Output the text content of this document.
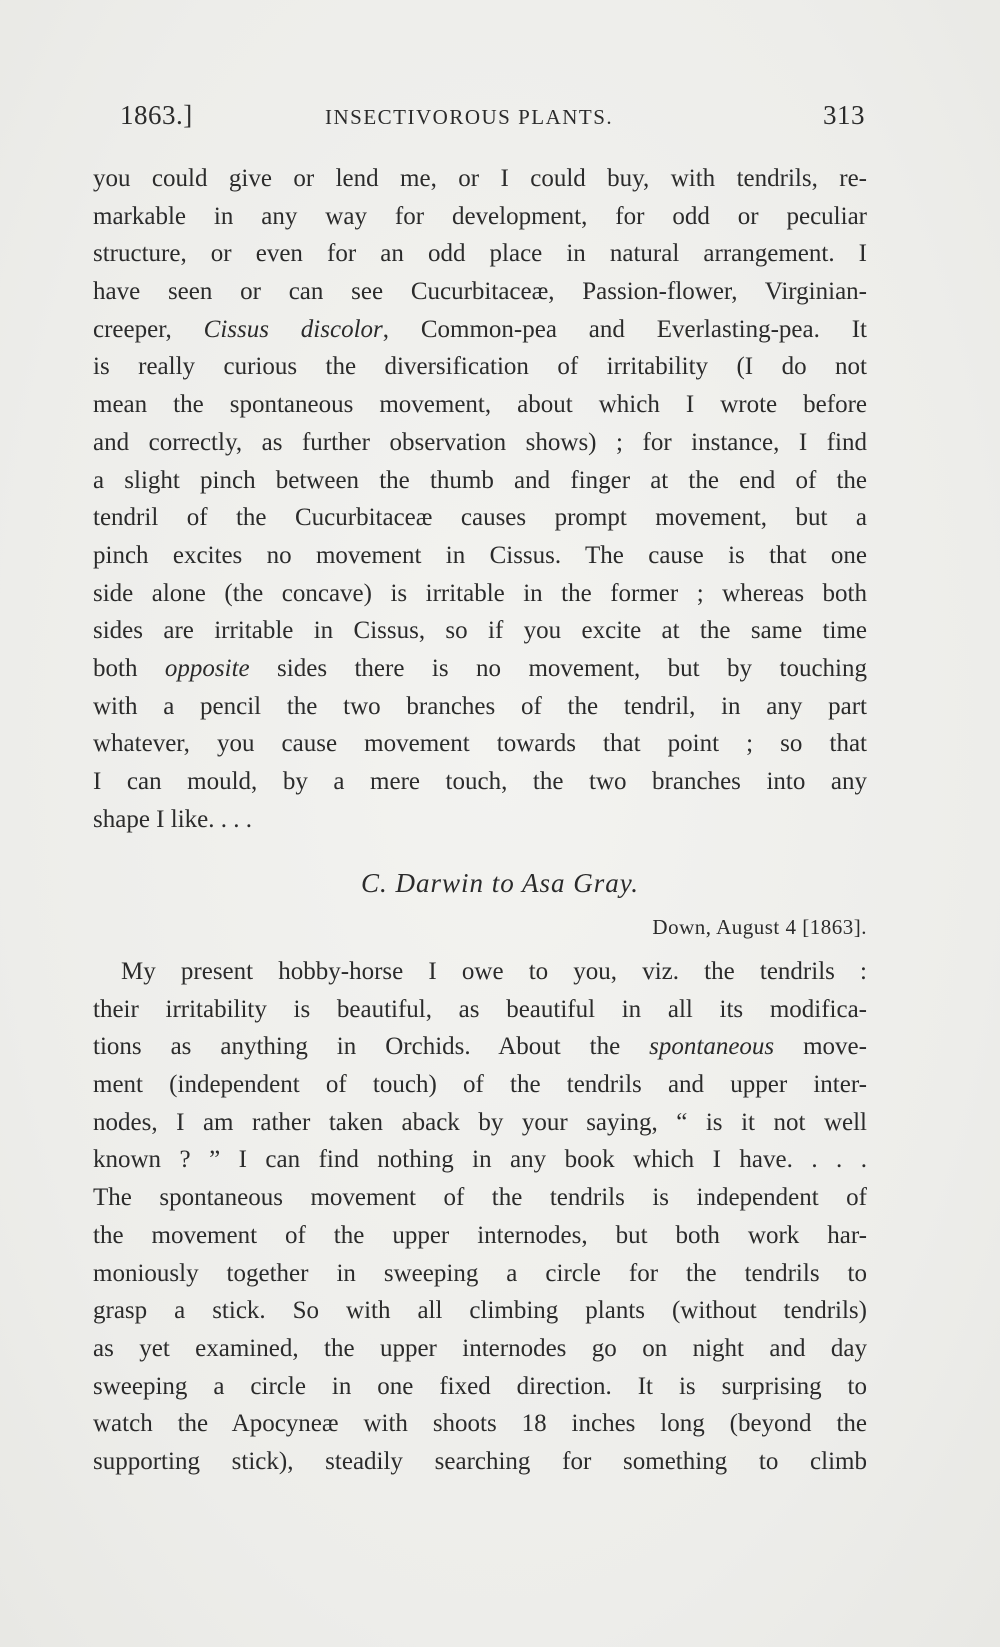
1863.]	INSECTIVOROUS PLANTS.	313
you could give or lend me, or I could buy, with tendrils, re-
markable in any way for development, for odd or peculiar
structure, or even for an odd place in natural arrangement. I
have seen or can see Cucurbitaceæ, Passion-flower, Virginian-
creeper, Cissus discolor, Common-pea and Everlasting-pea. It
is really curious the diversification of irritability (I do not
mean the spontaneous movement, about which I wrote before
and correctly, as further observation shows) ; for instance, I find
a slight pinch between the thumb and finger at the end of the
tendril of the Cucurbitaceæ causes prompt movement, but a
pinch excites no movement in Cissus. The cause is that one
side alone (the concave) is irritable in the former ; whereas both
sides are irritable in Cissus, so if you excite at the same time
both opposite sides there is no movement, but by touching
with a pencil the two branches of the tendril, in any part
whatever, you cause movement towards that point ; so that
I can mould, by a mere touch, the two branches into any
shape I like. . . .
C. Darwin to Asa Gray.
Down, August 4 [1863].
My present hobby-horse I owe to you, viz. the tendrils :
their irritability is beautiful, as beautiful in all its modifica-
tions as anything in Orchids. About the spontaneous move-
ment (independent of touch) of the tendrils and upper inter-
nodes, I am rather taken aback by your saying, “ is it not well
known ? ” I can find nothing in any book which I have. . . .
The spontaneous movement of the tendrils is independent of
the movement of the upper internodes, but both work har-
moniously together in sweeping a circle for the tendrils to
grasp a stick. So with all climbing plants (without tendrils)
as yet examined, the upper internodes go on night and day
sweeping a circle in one fixed direction. It is surprising to
watch the Apocyneæ with shoots 18 inches long (beyond the
supporting stick), steadily searching for something to climb
